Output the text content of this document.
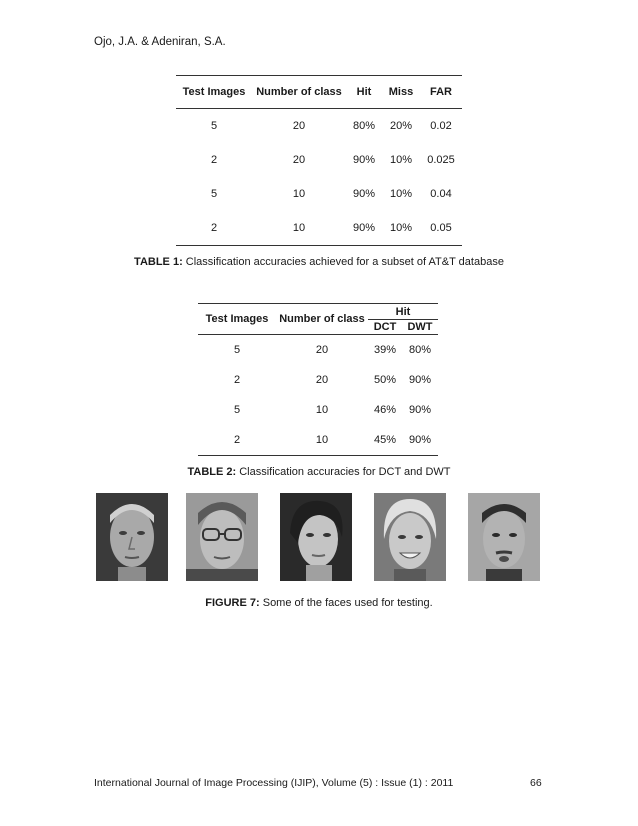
Ojo, J.A. & Adeniran, S.A.
Test Images	Number of class	Hit	Miss	FAR
5	20	80%	20%	0.02
2	20	90%	10%	0.025
5	10	90%	10%	0.04
2	10	90%	10%	0.05
TABLE 1: Classification accuracies achieved for a subset of AT&T database
Test Images	Number of class	Hit	
		DCT	DWT
5	20	39%	80%
2	20	50%	90%
5	10	46%	90%
2	10	45%	90%
TABLE 2: Classification accuracies for DCT and DWT
FIGURE 7: Some of the faces used for testing.
International Journal of Image Processing (IJIP), Volume (5) : Issue (1) : 2011	66
